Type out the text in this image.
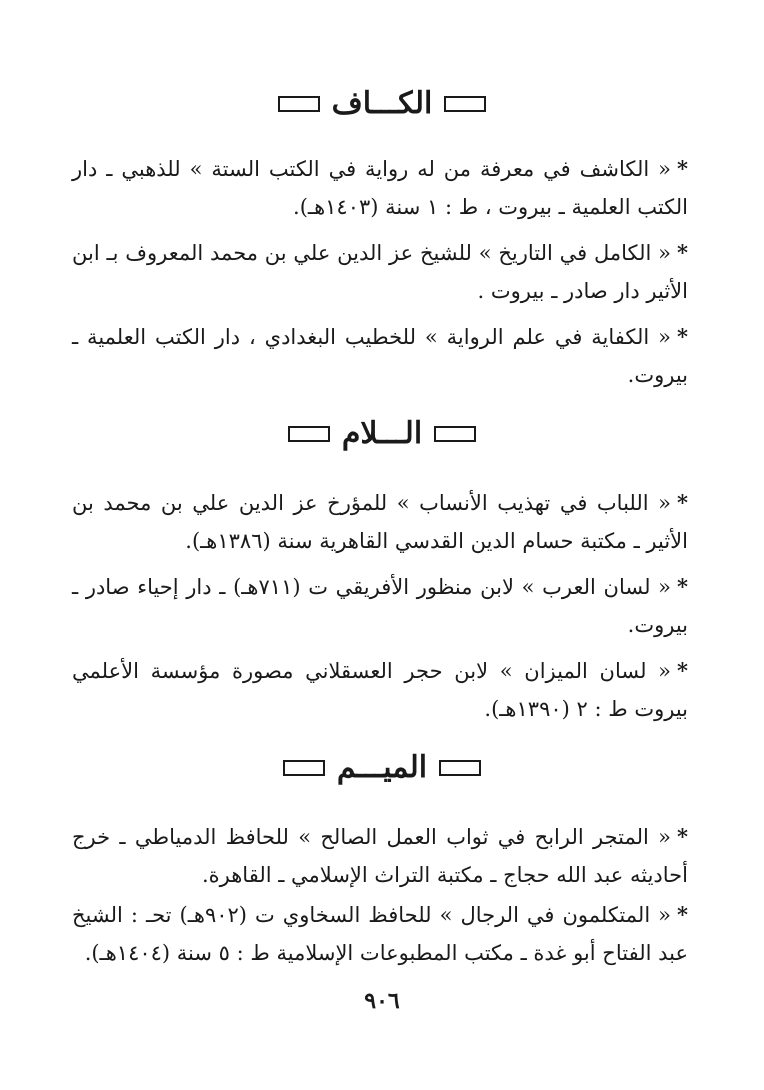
الكـــاف

*« الكاشف في معرفة من له رواية في الكتب الستة » للذهبي ـ دار الكتب العلمية ـ بيروت ، ط : ١ سنة (١٤٠٣هـ).

*« الكامل في التاريخ » للشيخ عز الدين علي بن محمد المعروف بـ ابن الأثير دار صادر ـ بيروت .

*« الكفاية في علم الرواية » للخطيب البغدادي ، دار الكتب العلمية ـ بيروت.

الـــلام

*« اللباب في تهذيب الأنساب » للمؤرخ عز الدين علي بن محمد بن الأثير ـ مكتبة حسام الدين القدسي القاهرية سنة (١٣٨٦هـ).

*« لسان العرب » لابن منظور الأفريقي ت (٧١١هـ) ـ دار إحياء صادر ـ بيروت.

*« لسان الميزان » لابن حجر العسقلاني مصورة مؤسسة الأعلمي بيروت ط : ٢ (١٣٩٠هـ).

الميـــم

*« المتجر الرابح في ثواب العمل الصالح » للحافظ الدمياطي ـ خرج أحاديثه عبد الله حجاج ـ مكتبة التراث الإسلامي ـ القاهرة.

*« المتكلمون في الرجال » للحافظ السخاوي ت (٩٠٢هـ) تحـ : الشيخ عبد الفتاح أبو غدة ـ مكتب المطبوعات الإسلامية ط : ٥ سنة (١٤٠٤هـ).

٩٠٦
